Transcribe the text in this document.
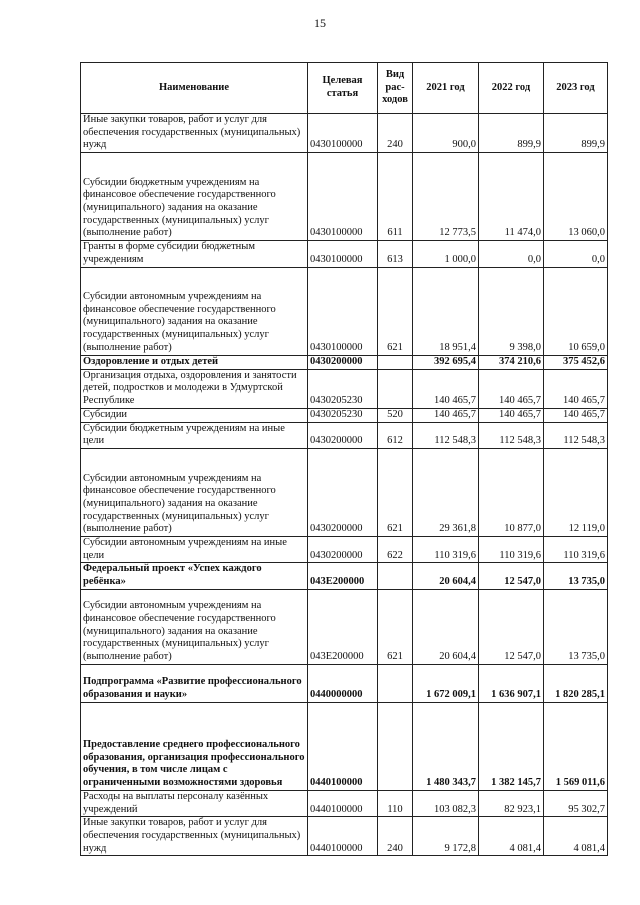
15
Наименование	Целевая статья	Вид рас-ходов	2021 год	2022 год	2023 год
Иные закупки товаров, работ и услуг для обеспечения государственных (муниципальных) нужд	0430100000	240	900,0	899,9	899,9
Субсидии бюджетным учреждениям на финансовое обеспечение государственного (муниципального) задания на оказание государственных (муниципальных) услуг (выполнение работ)	0430100000	611	12 773,5	11 474,0	13 060,0
Гранты в форме субсидии бюджетным учреждениям	0430100000	613	1 000,0	0,0	0,0
Субсидии автономным учреждениям на финансовое обеспечение государственного (муниципального) задания на оказание государственных (муниципальных) услуг (выполнение работ)	0430100000	621	18 951,4	9 398,0	10 659,0
Оздоровление и отдых детей	0430200000		392 695,4	374 210,6	375 452,6
Организация отдыха, оздоровления и занятости детей, подростков и молодежи в Удмуртской Республике	0430205230		140 465,7	140 465,7	140 465,7
Субсидии	0430205230	520	140 465,7	140 465,7	140 465,7
Субсидии бюджетным учреждениям на иные цели	0430200000	612	112 548,3	112 548,3	112 548,3
Субсидии автономным учреждениям на финансовое обеспечение государственного (муниципального) задания на оказание государственных (муниципальных) услуг (выполнение работ)	0430200000	621	29 361,8	10 877,0	12 119,0
Субсидии автономным учреждениям на иные цели	0430200000	622	110 319,6	110 319,6	110 319,6
Федеральный проект «Успех каждого ребёнка»	043Е200000		20 604,4	12 547,0	13 735,0
Субсидии автономным учреждениям на финансовое обеспечение государственного (муниципального) задания на оказание государственных (муниципальных) услуг (выполнение работ)	043Е200000	621	20 604,4	12 547,0	13 735,0
Подпрограмма «Развитие профессионального образования и науки»	0440000000		1 672 009,1	1 636 907,1	1 820 285,1
Предоставление среднего профессионального образования, организация профессионального обучения, в том числе лицам с ограниченными возможностями здоровья	0440100000		1 480 343,7	1 382 145,7	1 569 011,6
Расходы на выплаты персоналу казённых учреждений	0440100000	110	103 082,3	82 923,1	95 302,7
Иные закупки товаров, работ и услуг для обеспечения государственных (муниципальных) нужд	0440100000	240	9 172,8	4 081,4	4 081,4
